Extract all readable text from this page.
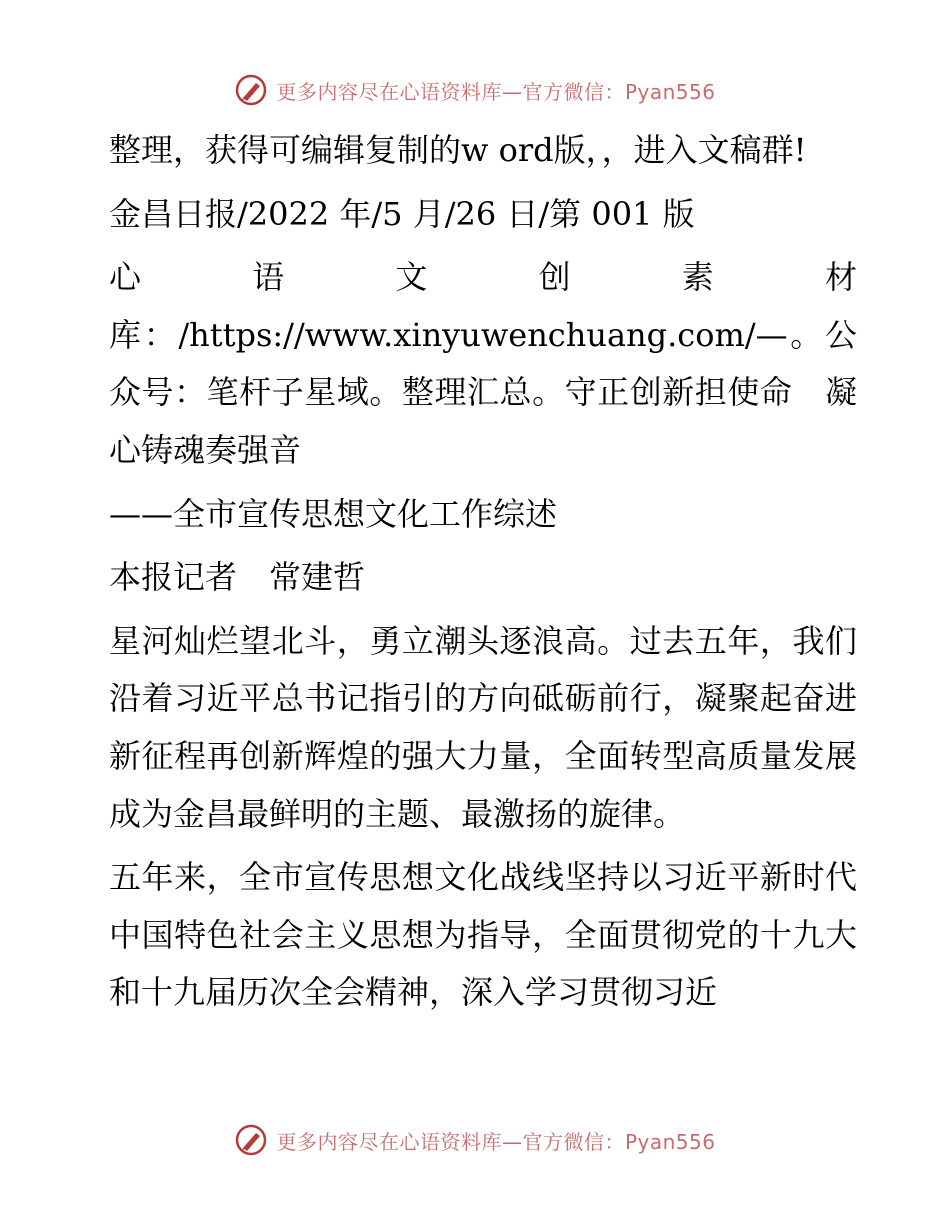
更多内容尽在心语资料库—官方微信：Pyan556

整理，获得可编辑复制的w ord版，，进入文稿群!

金昌日报/2022 年/5 月/26 日/第 001 版

心语文创素材库：/https://www.xinyuwenchuang.com/—。公众号：笔杆子星域。整理汇总。守正创新担使命　凝心铸魂奏强音

——全市宣传思想文化工作综述

本报记者　常建哲

星河灿烂望北斗，勇立潮头逐浪高。过去五年，我们沿着习近平总书记指引的方向砥砺前行，凝聚起奋进新征程再创新辉煌的强大力量，全面转型高质量发展成为金昌最鲜明的主题、最激扬的旋律。

五年来，全市宣传思想文化战线坚持以习近平新时代中国特色社会主义思想为指导，全面贯彻党的十九大和十九届历次全会精神，深入学习贯彻习近

更多内容尽在心语资料库—官方微信：Pyan556
